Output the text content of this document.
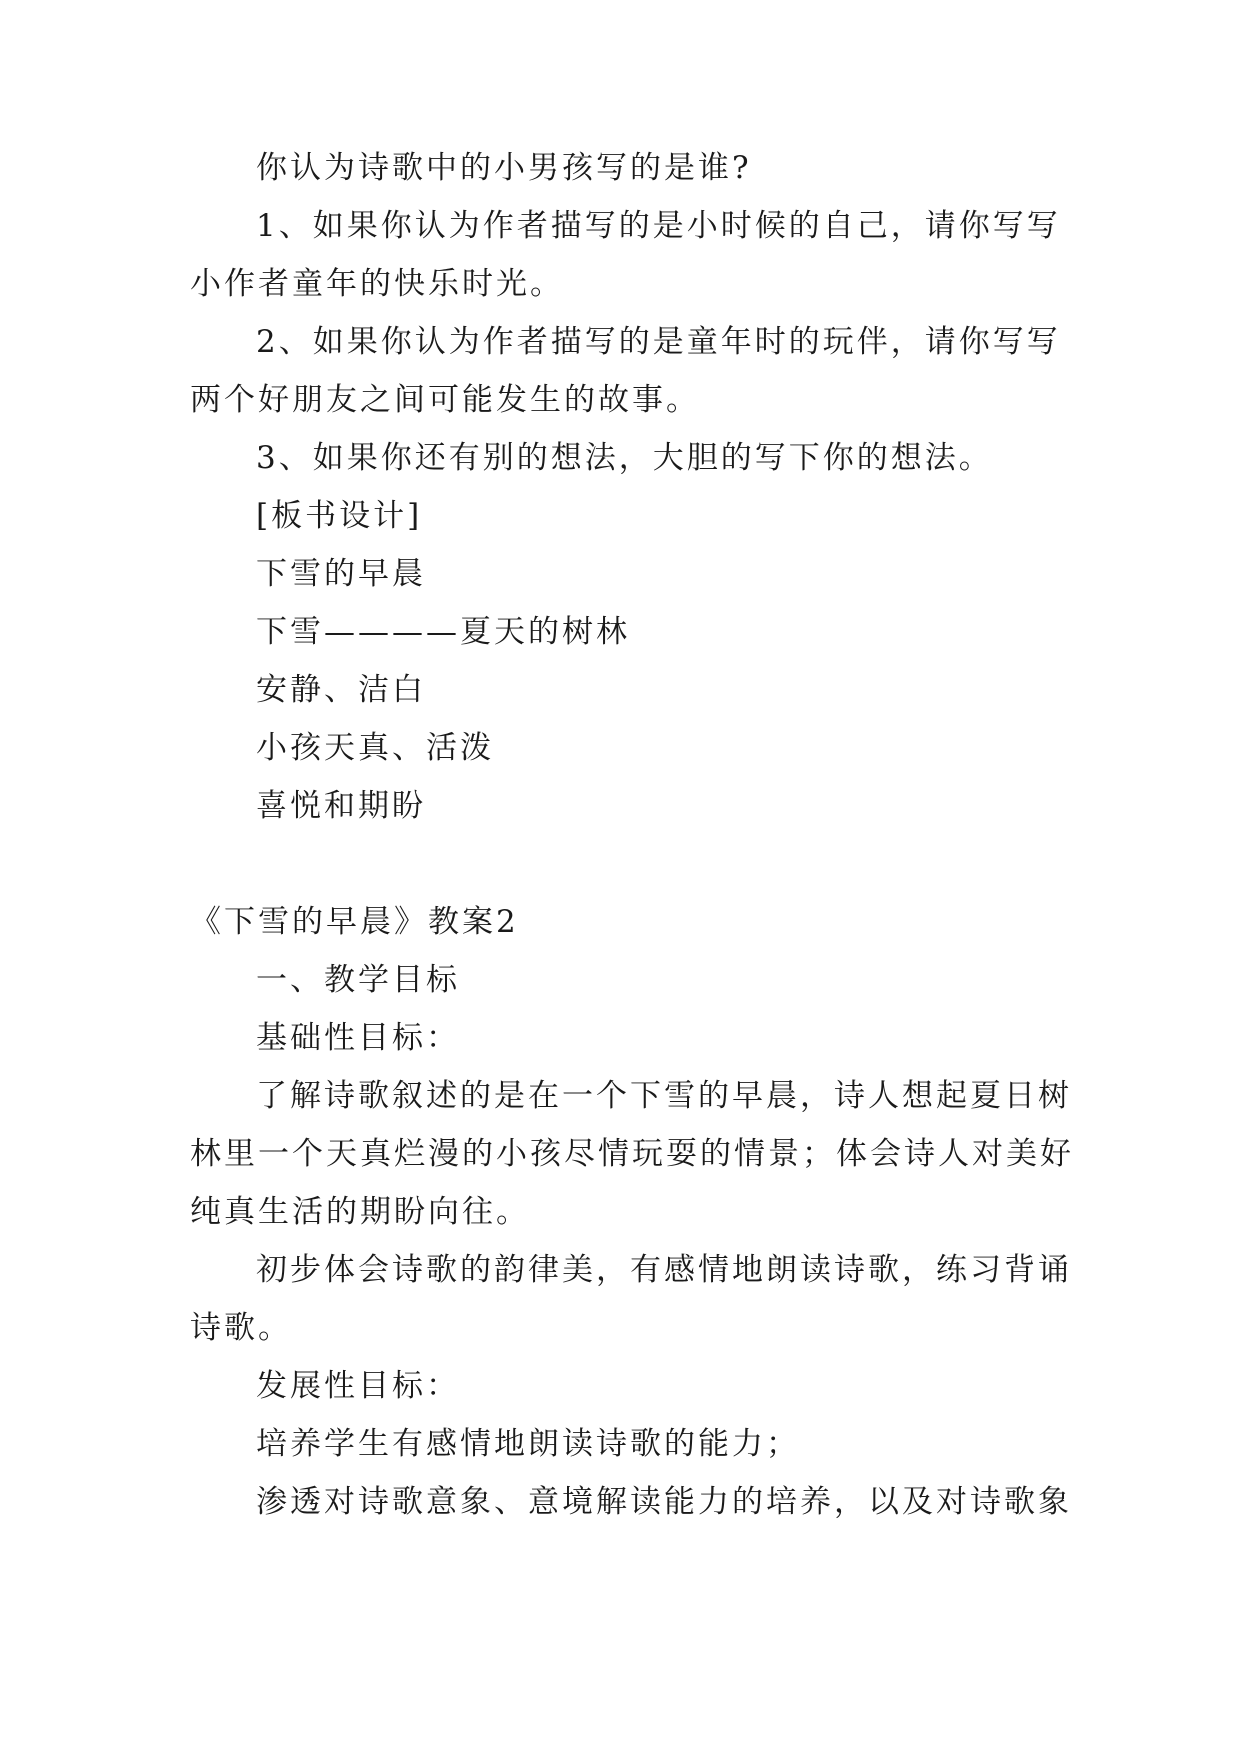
你认为诗歌中的小男孩写的是谁?
1、如果你认为作者描写的是小时候的自己，请你写写
小作者童年的快乐时光。
2、如果你认为作者描写的是童年时的玩伴，请你写写
两个好朋友之间可能发生的故事。
3、如果你还有别的想法，大胆的写下你的想法。
[板书设计]
下雪的早晨
下雪————夏天的树林
安静、洁白
小孩天真、活泼
喜悦和期盼
《下雪的早晨》教案2
一、教学目标
基础性目标：
了解诗歌叙述的是在一个下雪的早晨，诗人想起夏日树
林里一个天真烂漫的小孩尽情玩耍的情景；体会诗人对美好
纯真生活的期盼向往。
初步体会诗歌的韵律美，有感情地朗读诗歌，练习背诵
诗歌。
发展性目标：
培养学生有感情地朗读诗歌的能力；
渗透对诗歌意象、意境解读能力的培养，以及对诗歌象
